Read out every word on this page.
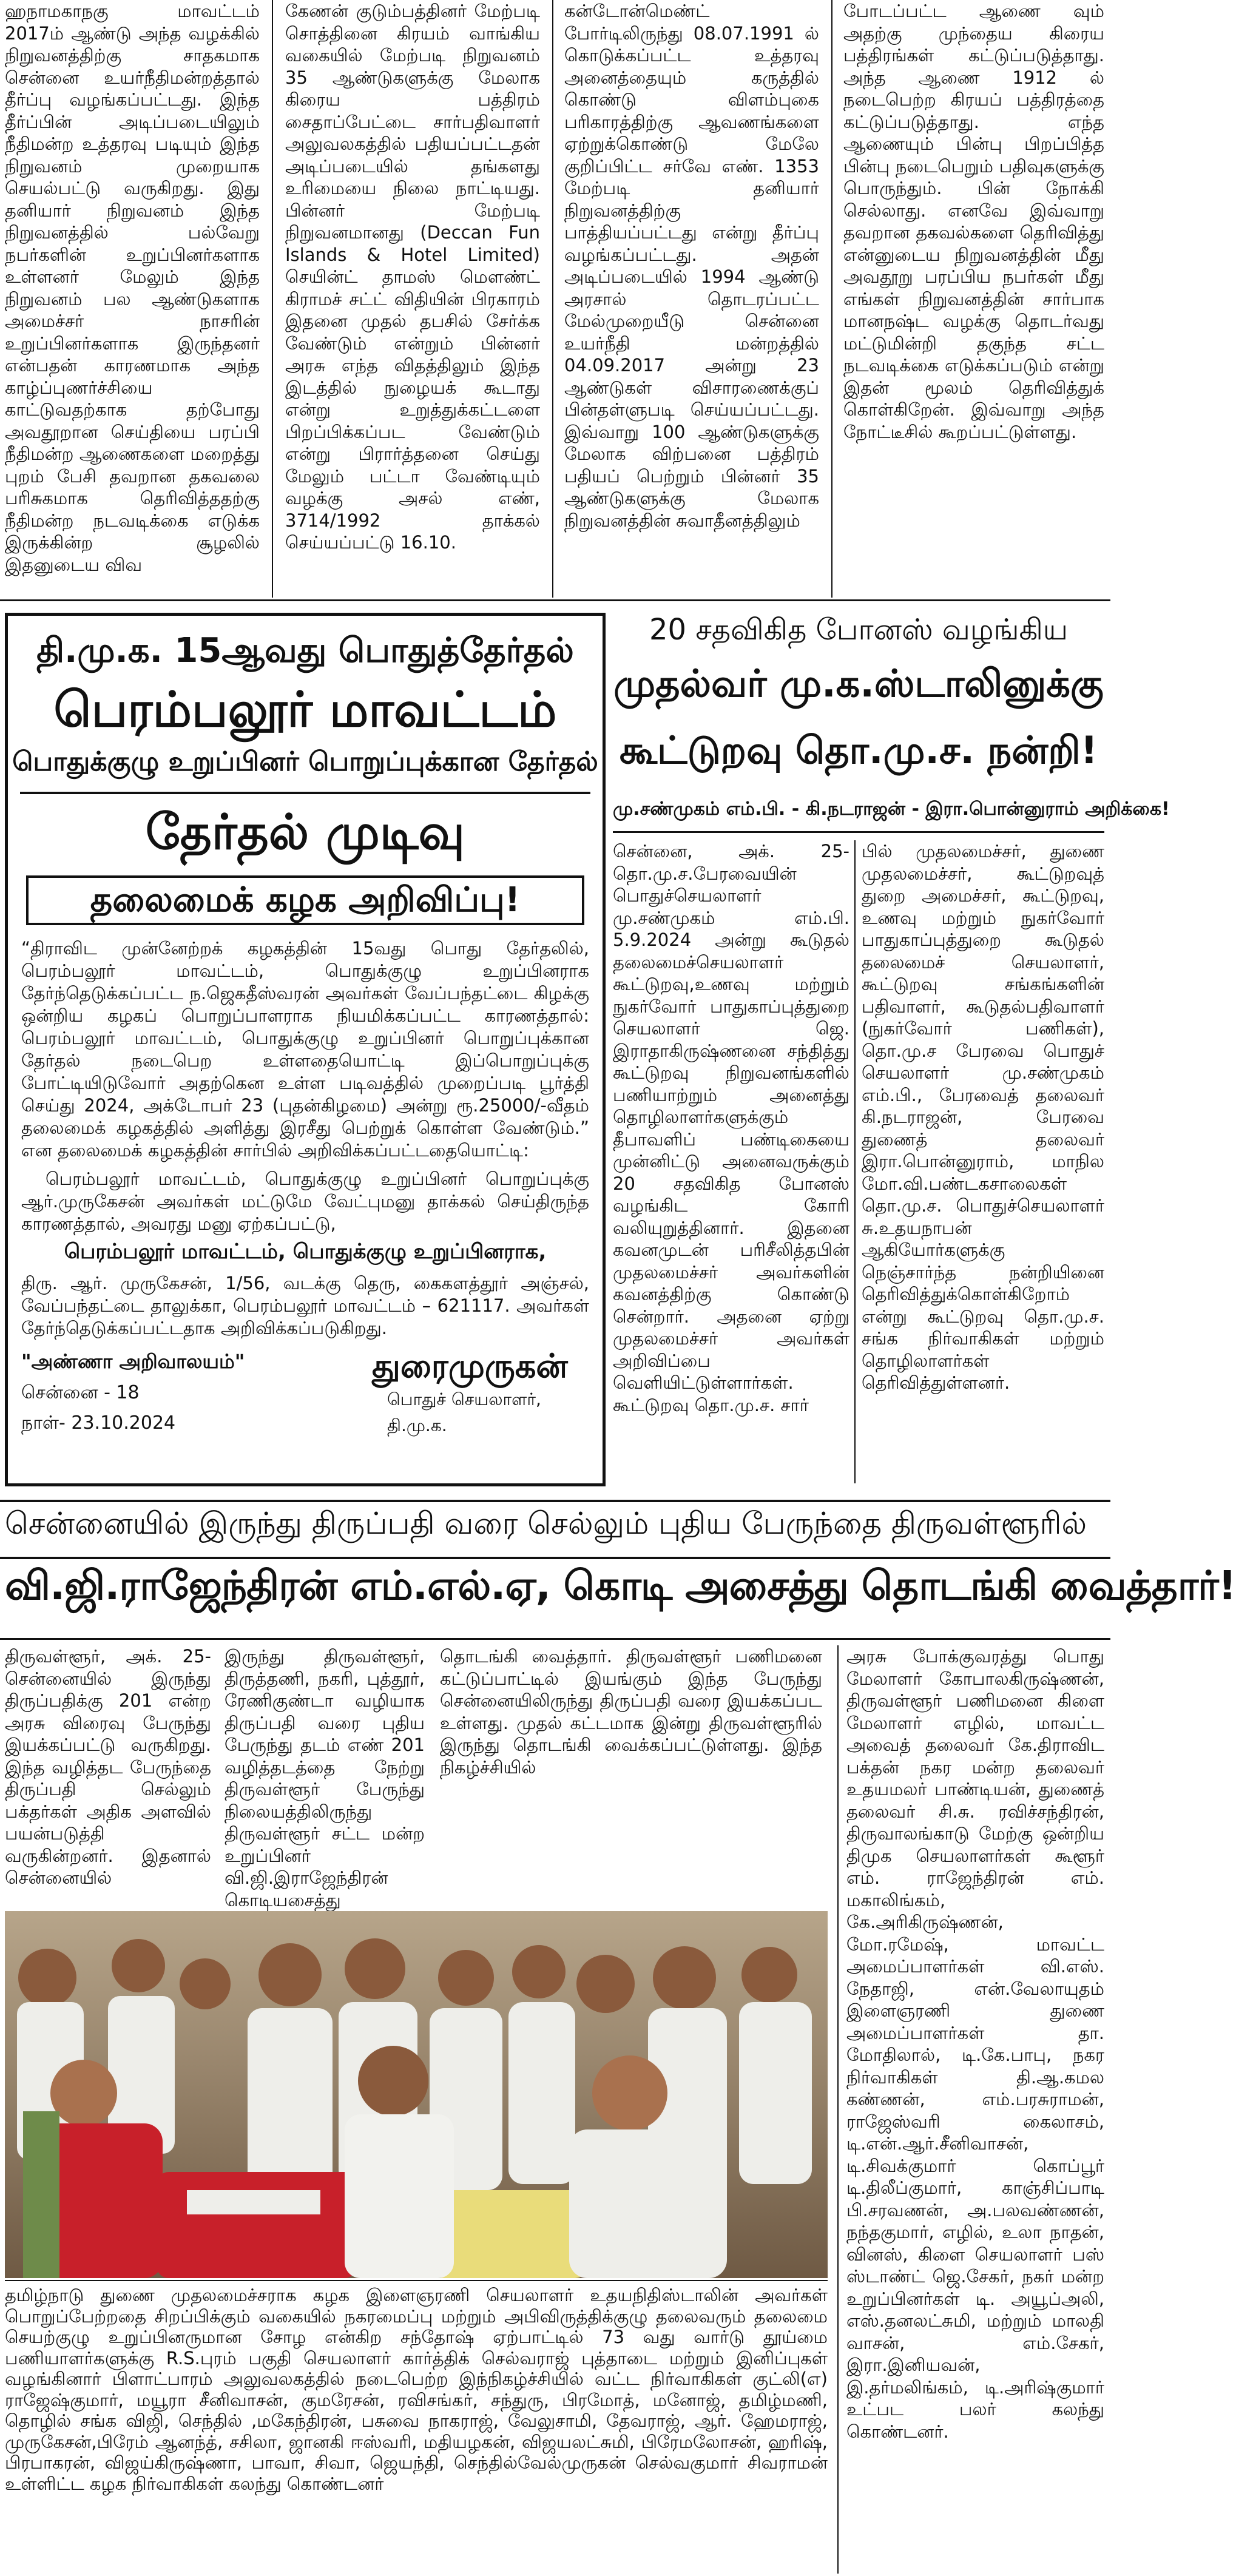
ஹநாமகாநகு மாவட்டம் 2017ம் ஆண்டு அந்த வழக்கில் நிறுவனத்திற்கு சாதகமாக சென்னை உயர்நீதிமன்றத்தால் தீர்ப்பு வழங்கப்பட்டது. இந்த தீர்ப்பின் அடிப்படையிலும் நீதிமன்ற உத்தரவு படியும் இந்த நிறுவனம் முறையாக செயல்பட்டு வருகிறது. இது தனியார் நிறுவனம் இந்த நிறுவனத்தில் பல்வேறு நபர்களின் உறுப்பினர்களாக உள்ளனர் மேலும் இந்த நிறுவனம் பல ஆண்டுகளாக அமைச்சர் நாசரின் உறுப்பினர்களாக இருந்தனர் என்பதன் காரணமாக அந்த காழ்ப்புணர்ச்சியை காட்டுவதற்காக தற்போது அவதூறான செய்தியை பரப்பி நீதிமன்ற ஆணைகளை மறைத்து புறம் பேசி தவறான தகவலை பரிசுகமாக தெரிவித்ததற்கு நீதிமன்ற நடவடிக்கை எடுக்க இருக்கின்ற சூழலில் இதனுடைய விவ

கேணன் குடும்பத்தினர் மேற்படி சொத்தினை கிரயம் வாங்கிய வகையில் மேற்படி நிறுவனம் 35 ஆண்டுகளுக்கு மேலாக கிரைய பத்திரம் சைதாப்பேட்டை சார்பதிவாளர் அலுவலகத்தில் பதியப்பட்டதன் அடிப்படையில் தங்களது உரிமையை நிலை நாட்டியது. பின்னர் மேற்படி நிறுவனமானது (Deccan Fun Islands & Hotel Limited) செயின்ட் தாமஸ் மௌண்ட் கிராமச் சட்ட் விதியின் பிரகாரம் இதனை முதல் தபசில் சேர்க்க வேண்டும் என்றும் பின்னர் அரசு எந்த விதத்திலும் இந்த இடத்தில் நுழையக் கூடாது என்று உறுத்துக்கட்டளை பிறப்பிக்கப்பட வேண்டும் என்று பிரார்த்தனை செய்து மேலும் பட்டா வேண்டியும் வழக்கு அசல் எண், 3714/1992 தாக்கல் செய்யப்பட்டு 16.10.

கன்டோன்மெண்ட் போர்டிலிருந்து 08.07.1991 ல் கொடுக்கப்பட்ட உத்தரவு அனைத்தையும் கருத்தில் கொண்டு விளம்புகை பரிகாரத்திற்கு ஆவணங்களை ஏற்றுக்கொண்டு மேலே குறிப்பிட்ட சர்வே எண். 1353 மேற்படி தனியார் நிறுவனத்திற்கு பாத்தியப்பட்டது என்று தீர்ப்பு வழங்கப்பட்டது. அதன் அடிப்படையில் 1994 ஆண்டு அரசால் தொடரப்பட்ட மேல்முறையீடு சென்னை உயர்நீதி மன்றத்தில் 04.09.2017 அன்று 23 ஆண்டுகள் விசாரணைக்குப் பின்தள்ளுபடி செய்யப்பட்டது. இவ்வாறு 100 ஆண்டுகளுக்கு மேலாக விற்பனை பத்திரம் பதியப் பெற்றும் பின்னர் 35 ஆண்டுகளுக்கு மேலாக நிறுவனத்தின் சுவாதீனத்திலும்

போடப்பட்ட ஆணை வும் அதற்கு முந்தைய கிரைய பத்திரங்கள் கட்டுப்படுத்தாது. அந்த ஆணை 1912 ல் நடைபெற்ற கிரயப் பத்திரத்தை கட்டுப்படுத்தாது. எந்த ஆணையும் பின்பு பிறப்பித்த பின்பு நடைபெறும் பதிவுகளுக்கு பொருந்தும். பின் நோக்கி செல்லாது. எனவே இவ்வாறு தவறான தகவல்களை தெரிவித்து என்னுடைய நிறுவனத்தின் மீது அவதூறு பரப்பிய நபர்கள் மீது எங்கள் நிறுவனத்தின் சார்பாக மானநஷ்ட வழக்கு தொடர்வது மட்டுமின்றி தகுந்த சட்ட நடவடிக்கை எடுக்கப்படும் என்று இதன் மூலம் தெரிவித்துக் கொள்கிறேன். இவ்வாறு அந்த நோட்டீசில் கூறப்பட்டுள்ளது.

தி.மு.க. 15ஆவது பொதுத்தேர்தல்
பெரம்பலூர் மாவட்டம்
பொதுக்குழு உறுப்பினர் பொறுப்புக்கான தேர்தல்
தேர்தல் முடிவு
தலைமைக் கழக அறிவிப்பு!
“திராவிட முன்னேற்றக் கழகத்தின் 15வது பொது தேர்தலில், பெரம்பலூர் மாவட்டம், பொதுக்குழு உறுப்பினராக தேர்ந்தெடுக்கப்பட்ட ந.ஜெகதீஸ்வரன் அவர்கள் வேப்பந்தட்டை கிழக்கு ஒன்றிய கழகப் பொறுப்பாளராக நியமிக்கப்பட்ட காரணத்தால்: பெரம்பலூர் மாவட்டம், பொதுக்குழு உறுப்பினர் பொறுப்புக்கான தேர்தல் நடைபெற உள்ளதையொட்டி இப்பொறுப்புக்கு போட்டியிடுவோர் அதற்கென உள்ள படிவத்தில் முறைப்படி பூர்த்தி செய்து 2024, அக்டோபர் 23 (புதன்கிழமை) அன்று ரூ.25000/-வீதம் தலைமைக் கழகத்தில் அளித்து இரசீது பெற்றுக் கொள்ள வேண்டும்.” என தலைமைக் கழகத்தின் சார்பில் அறிவிக்கப்பட்டதையொட்டி:
பெரம்பலூர் மாவட்டம், பொதுக்குழு உறுப்பினர் பொறுப்புக்கு ஆர்.முருகேசன் அவர்கள் மட்டுமே வேட்புமனு தாக்கல் செய்திருந்த காரணத்தால், அவரது மனு ஏற்கப்பட்டு,
பெரம்பலூர் மாவட்டம், பொதுக்குழு உறுப்பினராக,
திரு. ஆர். முருகேசன், 1/56, வடக்கு தெரு, கைகளத்தூர் அஞ்சல், வேப்பந்தட்டை தாலுக்கா, பெரம்பலூர் மாவட்டம் – 621117. அவர்கள் தேர்ந்தெடுக்கப்பட்டதாக அறிவிக்கப்படுகிறது.
"அண்ணா அறிவாலயம்"
சென்னை - 18
நாள்- 23.10.2024
துரைமுருகன்
பொதுச் செயலாளர்,
தி.மு.க.
20 சதவிகித போனஸ் வழங்கிய
முதல்வர் மு.க.ஸ்டாலினுக்கு
கூட்டுறவு தொ.மு.ச. நன்றி!
மு.சண்முகம் எம்.பி. - கி.நடராஜன் - இரா.பொன்னுராம் அறிக்கை!

சென்னை, அக். 25- தொ.மு.ச.பேரவையின் பொதுச்செயலாளர் மு.சண்முகம் எம்.பி. 5.9.2024 அன்று கூடுதல் தலைமைச்செயலாளர் கூட்டுறவு,உணவு மற்றும் நுகர்வோர் பாதுகாப்புத்துறை செயலாளர் ஜெ. இராதாகிருஷ்ணனை சந்தித்து கூட்டுறவு நிறுவனங்களில் பணியாற்றும் அனைத்து தொழிலாளர்களுக்கும் தீபாவளிப் பண்டிகையை முன்னிட்டு அனைவருக்கும் 20 சதவிகித போனஸ் வழங்கிட கோரி வலியுறுத்தினார். இதனை கவனமுடன் பரிசீலித்தபின் முதலமைச்சர் அவர்களின் கவனத்திற்கு கொண்டு சென்றார். அதனை ஏற்று முதலமைச்சர் அவர்கள் அறிவிப்பை வெளியிட்டுள்ளார்கள். கூட்டுறவு தொ.மு.ச. சார்

பில் முதலமைச்சர், துணை முதலமைச்சர், கூட்டுறவுத் துறை அமைச்சர், கூட்டுறவு, உணவு மற்றும் நுகர்வோர் பாதுகாப்புத்துறை கூடுதல் தலைமைச் செயலாளர், கூட்டுறவு சங்கங்களின் பதிவாளர், கூடுதல்பதிவாளர் (நுகர்வோர் பணிகள்), தொ.மு.ச பேரவை பொதுச் செயலாளர் மு.சண்முகம் எம்.பி., பேரவைத் தலைவர் கி.நடராஜன், பேரவை துணைத் தலைவர் இரா.பொன்னுராம், மாநில மோ.வி.பண்டகசாலைகள் தொ.மு.ச. பொதுச்செயலாளர் சு.உதயநாபன் ஆகியோர்களுக்கு நெஞ்சார்ந்த நன்றியினை தெரிவித்துக்கொள்கிறோம் என்று கூட்டுறவு தொ.மு.ச. சங்க நிர்வாகிகள் மற்றும் தொழிலாளர்கள் தெரிவித்துள்ளனர்.

சென்னையில் இருந்து திருப்பதி வரை செல்லும் புதிய பேருந்தை திருவள்ளூரில்
வி.ஜி.ராஜேந்திரன் எம்.எல்.ஏ, கொடி அசைத்து தொடங்கி வைத்தார்!

திருவள்ளூர், அக். 25- சென்னையில் இருந்து திருப்பதிக்கு 201 என்ற அரசு விரைவு பேருந்து இயக்கப்பட்டு வருகிறது. இந்த வழித்தட பேருந்தை திருப்பதி செல்லும் பக்தர்கள் அதிக அளவில் பயன்படுத்தி வருகின்றனர். இதனால் சென்னையில்

இருந்து திருவள்ளூர், திருத்தணி, நகரி, புத்தூர், ரேணிகுண்டா வழியாக திருப்பதி வரை புதிய பேருந்து தடம் எண் 201 வழித்தடத்தை நேற்று திருவள்ளூர் பேருந்து நிலையத்திலிருந்து திருவள்ளூர் சட்ட மன்ற உறுப்பினர் வி.ஜி.இராஜேந்திரன் கொடியசைத்து

தொடங்கி வைத்தார். திருவள்ளூர் பணிமனை கட்டுப்பாட்டில் இயங்கும் இந்த பேருந்து சென்னையிலிருந்து திருப்பதி வரை இயக்கப்பட உள்ளது. முதல் கட்டமாக இன்று திருவள்ளூரில் இருந்து தொடங்கி வைக்கப்பட்டுள்ளது. இந்த நிகழ்ச்சியில்

அரசு போக்குவரத்து பொது மேலாளர் கோபாலகிருஷ்ணன், திருவள்ளூர் பணிமனை கிளை மேலாளர் எழில், மாவட்ட அவைத் தலைவர் கே.திராவிட பக்தன் நகர மன்ற தலைவர் உதயமலர் பாண்டியன், துணைத் தலைவர் சி.சு. ரவிச்சந்திரன், திருவாலங்காடு மேற்கு ஒன்றிய திமுக செயலாளர்கள் கூளூர் எம். ராஜேந்திரன் எம். மகாலிங்கம், கே.அரிகிருஷ்ணன், மோ.ரமேஷ், மாவட்ட அமைப்பாளர்கள் வி.எஸ். நேதாஜி, என்.வேலாயுதம் இளைஞரணி துணை அமைப்பாளர்கள் தா. மோதிலால், டி.கே.பாபு, நகர நிர்வாகிகள் தி.ஆ.கமல கண்ணன், எம்.பரசுராமன், ராஜேஸ்வரி கைலாசம், டி.என்.ஆர்.சீனிவாசன், டி.சிவக்குமார் கொப்பூர் டி.திலீப்குமார், காஞ்சிப்பாடி பி.சரவணன், அ.பலவண்ணன், நந்தகுமார், எழில், உலா நாதன், வினஸ், கிளை செயலாளர் பஸ் ஸ்டாண்ட் ஜெ.சேகர், நகர் மன்ற உறுப்பினர்கள் டி. அயூப்அலி, எஸ்.தனலட்சுமி, மற்றும் மாலதி வாசன், எம்.சேகர், இரா.இனியவன், இ.தர்மலிங்கம், டி.அரிஷ்குமார் உட்பட பலர் கலந்து கொண்டனர்.

தமிழ்நாடு துணை முதலமைச்சராக கழக இளைஞரணி செயலாளர் உதயநிதிஸ்டாலின் அவர்கள் பொறுப்பேற்றதை சிறப்பிக்கும் வகையில் நகரமைப்பு மற்றும் அபிவிருத்திக்குழு தலைவரும் தலைமை செயற்குழு உறுப்பினருமான சோழ என்கிற சந்தோஷ் ஏற்பாட்டில் 73 வது வார்டு தூய்மை பணியாளர்களுக்கு R.S.புரம் பகுதி செயலாளர் கார்த்திக் செல்வராஜ் புத்தாடை மற்றும் இனிப்புகள் வழங்கினார் பிளாட்பாரம் அலுவலகத்தில் நடைபெற்ற இந்நிகழ்ச்சியில் வட்ட நிர்வாகிகள் குட்லி(எ) ராஜேஷ்குமார், மயூரா சீனிவாசன், குமரேசன், ரவிசங்கர், சந்துரு, பிரமோத், மனோஜ், தமிழ்மணி, தொழில் சங்க விஜி, செந்தில் ,மகேந்திரன், பசுவை நாகராஜ், வேலுசாமி, தேவராஜ், ஆர். ஹேமராஜ், முருகேசன்,பிரேம் ஆனந்த், சசிலா, ஜானகி ஈஸ்வரி, மதியழகன், விஜயலட்சுமி, பிரேமலோசன், ஹரிஷ், பிரபாகரன், விஜய்கிருஷ்ணா, பாவா, சிவா, ஜெயந்தி, செந்தில்வேல்முருகன் செல்வகுமார் சிவராமன் உள்ளிட்ட கழக நிர்வாகிகள் கலந்து கொண்டனர்
